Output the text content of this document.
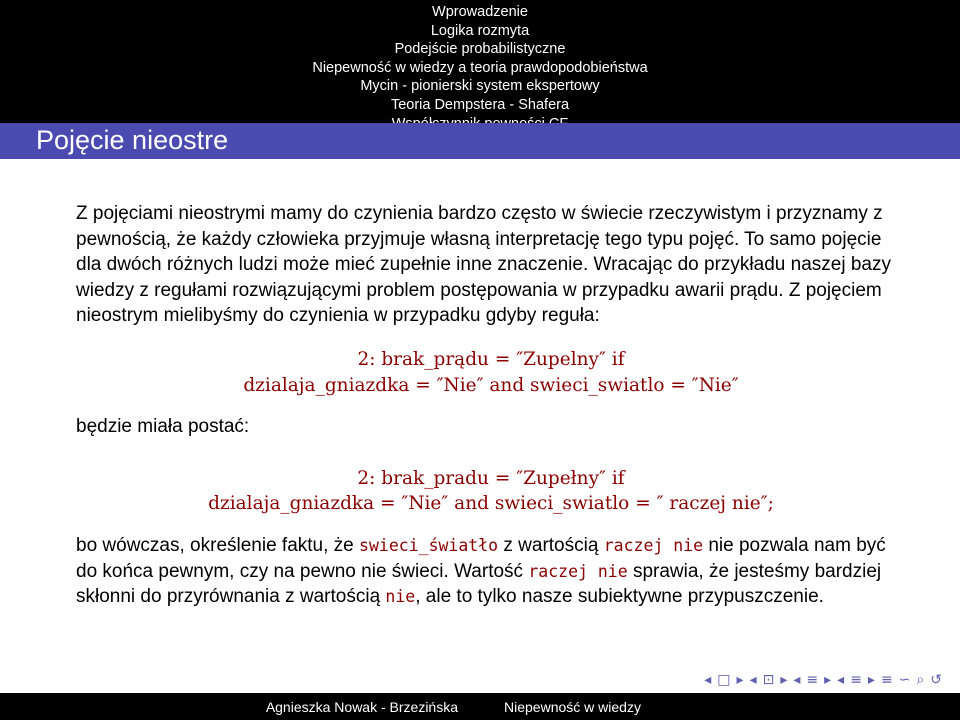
Wprowadzenie
Logika rozmyta
Podejście probabilistyczne
Niepewność w wiedzy a teoria prawdopodobieństwa
Mycin - pionierski system ekspertowy
Teoria Dempstera - Shafera
Pojęcie nieostre

Z pojęciami nieostrymi mamy do czynienia bardzo często w świecie rzeczywistym i przyznamy z pewnością, że każdy człowieka przyjmuje własną interpretację tego typu pojęć. To samo pojęcie dla dwóch różnych ludzi może mieć zupełnie inne znaczenie. Wracając do przykładu naszej bazy wiedzy z regułami rozwiązującymi problem postępowania w przypadku awarii prądu. Z pojęciem nieostrym mielibyśmy do czynienia w przypadku gdyby reguła:

2: brak_prądu = ″Zupelny″ if
dzialaja_gniazdka = ″Nie″ and swieci_swiatlo = ″Nie″

będzie miała postać:

2: brak_pradu = ″Zupełny″ if
dzialaja_gniazdka = ″Nie″ and swieci_swiatlo = ″ raczej nie″;

bo wówczas, określenie faktu, że swieci_światło z wartością raczej nie nie pozwala nam być do końca pewnym, czy na pewno nie świeci. Wartość raczej nie sprawia, że jesteśmy bardziej skłonni do przyrównania z wartością nie, ale to tylko nasze subiektywne przypuszczenie.

◂ □ ▸ ◂ ⊡ ▸ ◂ ≡ ▸ ◂ ≡ ▸ ≡ ∽ ⌕ ↺
Agnieszka Nowak - Brzezińska	Niepewność w wiedzy
